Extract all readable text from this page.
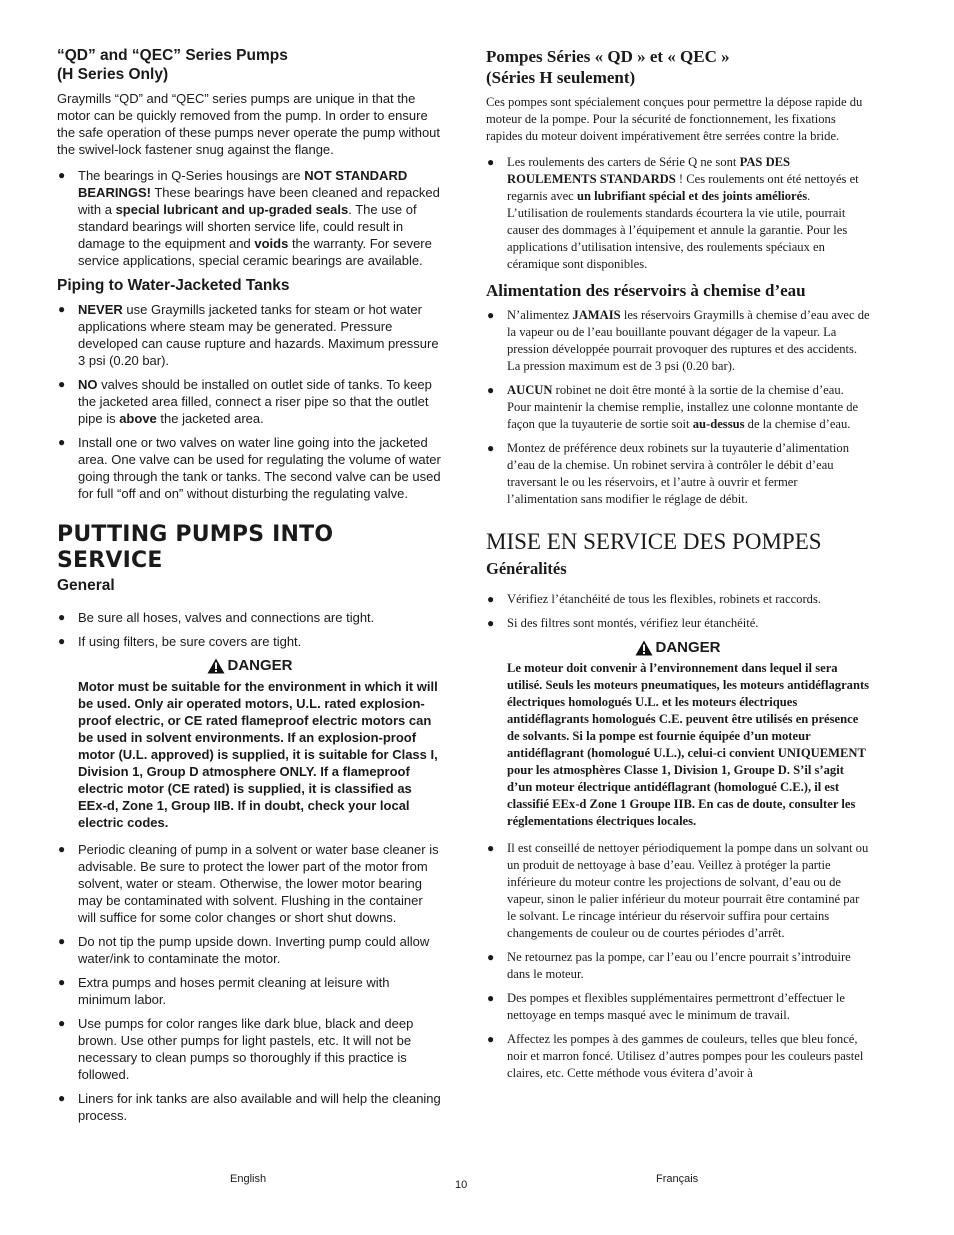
“QD” and “QEC” Series Pumps
(H Series Only)

Graymills “QD” and “QEC” series pumps are unique in that the motor can be quickly removed from the pump. In order to ensure the safe operation of these pumps never operate the pump without the swivel-lock fastener snug against the flange.

● The bearings in Q-Series housings are NOT STANDARD BEARINGS! These bearings have been cleaned and repacked with a special lubricant and up-graded seals. The use of standard bearings will shorten service life, could result in damage to the equipment and voids the warranty. For severe service applications, special ceramic bearings are available.
Piping to Water-Jacketed Tanks
● NEVER use Graymills jacketed tanks for steam or hot water applications where steam may be generated. Pressure developed can cause rupture and hazards. Maximum pressure 3 psi (0.20 bar).
● NO valves should be installed on outlet side of tanks. To keep the jacketed area filled, connect a riser pipe so that the outlet pipe is above the jacketed area.
● Install one or two valves on water line going into the jacketed area. One valve can be used for regulating the volume of water going through the tank or tanks. The second valve can be used for full “off and on” without disturbing the regulating valve.
PUTTING PUMPS INTO SERVICE
General
● Be sure all hoses, valves and connections are tight.
● If using filters, be sure covers are tight.
DANGER
Motor must be suitable for the environment in which it will be used. Only air operated motors, U.L. rated explosion-proof electric, or CE rated flameproof electric motors can be used in solvent environments. If an explosion-proof motor (U.L. approved) is supplied, it is suitable for Class I, Division 1, Group D atmosphere ONLY. If a flameproof electric motor (CE rated) is supplied, it is classified as EEx-d, Zone 1, Group IIB. If in doubt, check your local electric codes.
● Periodic cleaning of pump in a solvent or water base cleaner is advisable. Be sure to protect the lower part of the motor from solvent, water or steam. Otherwise, the lower motor bearing may be contaminated with solvent. Flushing in the container will suffice for some color changes or short shut downs.
● Do not tip the pump upside down. Inverting pump could allow water/ink to contaminate the motor.
● Extra pumps and hoses permit cleaning at leisure with minimum labor.
● Use pumps for color ranges like dark blue, black and deep brown. Use other pumps for light pastels, etc. It will not be necessary to clean pumps so thoroughly if this practice is followed.
● Liners for ink tanks are also available and will help the cleaning process.
Pompes Séries « QD » et « QEC »
(Séries H seulement)

Ces pompes sont spécialement conçues pour permettre la dépose rapide du moteur de la pompe. Pour la sécurité de fonctionnement, les fixations rapides du moteur doivent impérativement être serrées contre la bride.

● Les roulements des carters de Série Q ne sont PAS DES ROULEMENTS STANDARDS ! Ces roulements ont été nettoyés et regarnis avec un lubrifiant spécial et des joints améliorés. L’utilisation de roulements standards écourtera la vie utile, pourrait causer des dommages à l’équipement et annule la garantie. Pour les applications d’utilisation intensive, des roulements spéciaux en céramique sont disponibles.
Alimentation des réservoirs à chemise d’eau
● N’alimentez JAMAIS les réservoirs Graymills à chemise d’eau avec de la vapeur ou de l’eau bouillante pouvant dégager de la vapeur. La pression développée pourrait provoquer des ruptures et des accidents. La pression maximum est de 3 psi (0.20 bar).
● AUCUN robinet ne doit être monté à la sortie de la chemise d’eau. Pour maintenir la chemise remplie, installez une colonne montante de façon que la tuyauterie de sortie soit au-dessus de la chemise d’eau.
● Montez de préférence deux robinets sur la tuyauterie d’alimentation d’eau de la chemise. Un robinet servira à contrôler le débit d’eau traversant le ou les réservoirs, et l’autre à ouvrir et fermer l’alimentation sans modifier le réglage de débit.
MISE EN SERVICE DES POMPES
Généralités
● Vérifiez l’étanchéité de tous les flexibles, robinets et raccords.
● Si des filtres sont montés, vérifiez leur étanchéité.
DANGER
Le moteur doit convenir à l’environnement dans lequel il sera utilisé. Seuls les moteurs pneumatiques, les moteurs antidéflagrants électriques homologués U.L. et les moteurs électriques antidéflagrants homologués C.E. peuvent être utilisés en présence de solvants. Si la pompe est fournie équipée d’un moteur antidéflagrant (homologué U.L.), celui-ci convient UNIQUEMENT pour les atmosphères Classe 1, Division 1, Groupe D. S’il s’agit d’un moteur électrique antidéflagrant (homologué C.E.), il est classifié EEx-d Zone 1 Groupe IIB. En cas de doute, consulter les réglementations électriques locales.
● Il est conseillé de nettoyer périodiquement la pompe dans un solvant ou un produit de nettoyage à base d’eau. Veillez à protéger la partie inférieure du moteur contre les projections de solvant, d’eau ou de vapeur, sinon le palier inférieur du moteur pourrait être contaminé par le solvant. Le rincage intérieur du réservoir suffira pour certains changements de couleur ou de courtes périodes d’arrêt.
● Ne retournez pas la pompe, car l’eau ou l’encre pourrait s’introduire dans le moteur.
● Des pompes et flexibles supplémentaires permettront d’effectuer le nettoyage en temps masqué avec le minimum de travail.
● Affectez les pompes à des gammes de couleurs, telles que bleu foncé, noir et marron foncé. Utilisez d’autres pompes pour les couleurs pastel claires, etc. Cette méthode vous évitera d’avoir à
English	10	Français
